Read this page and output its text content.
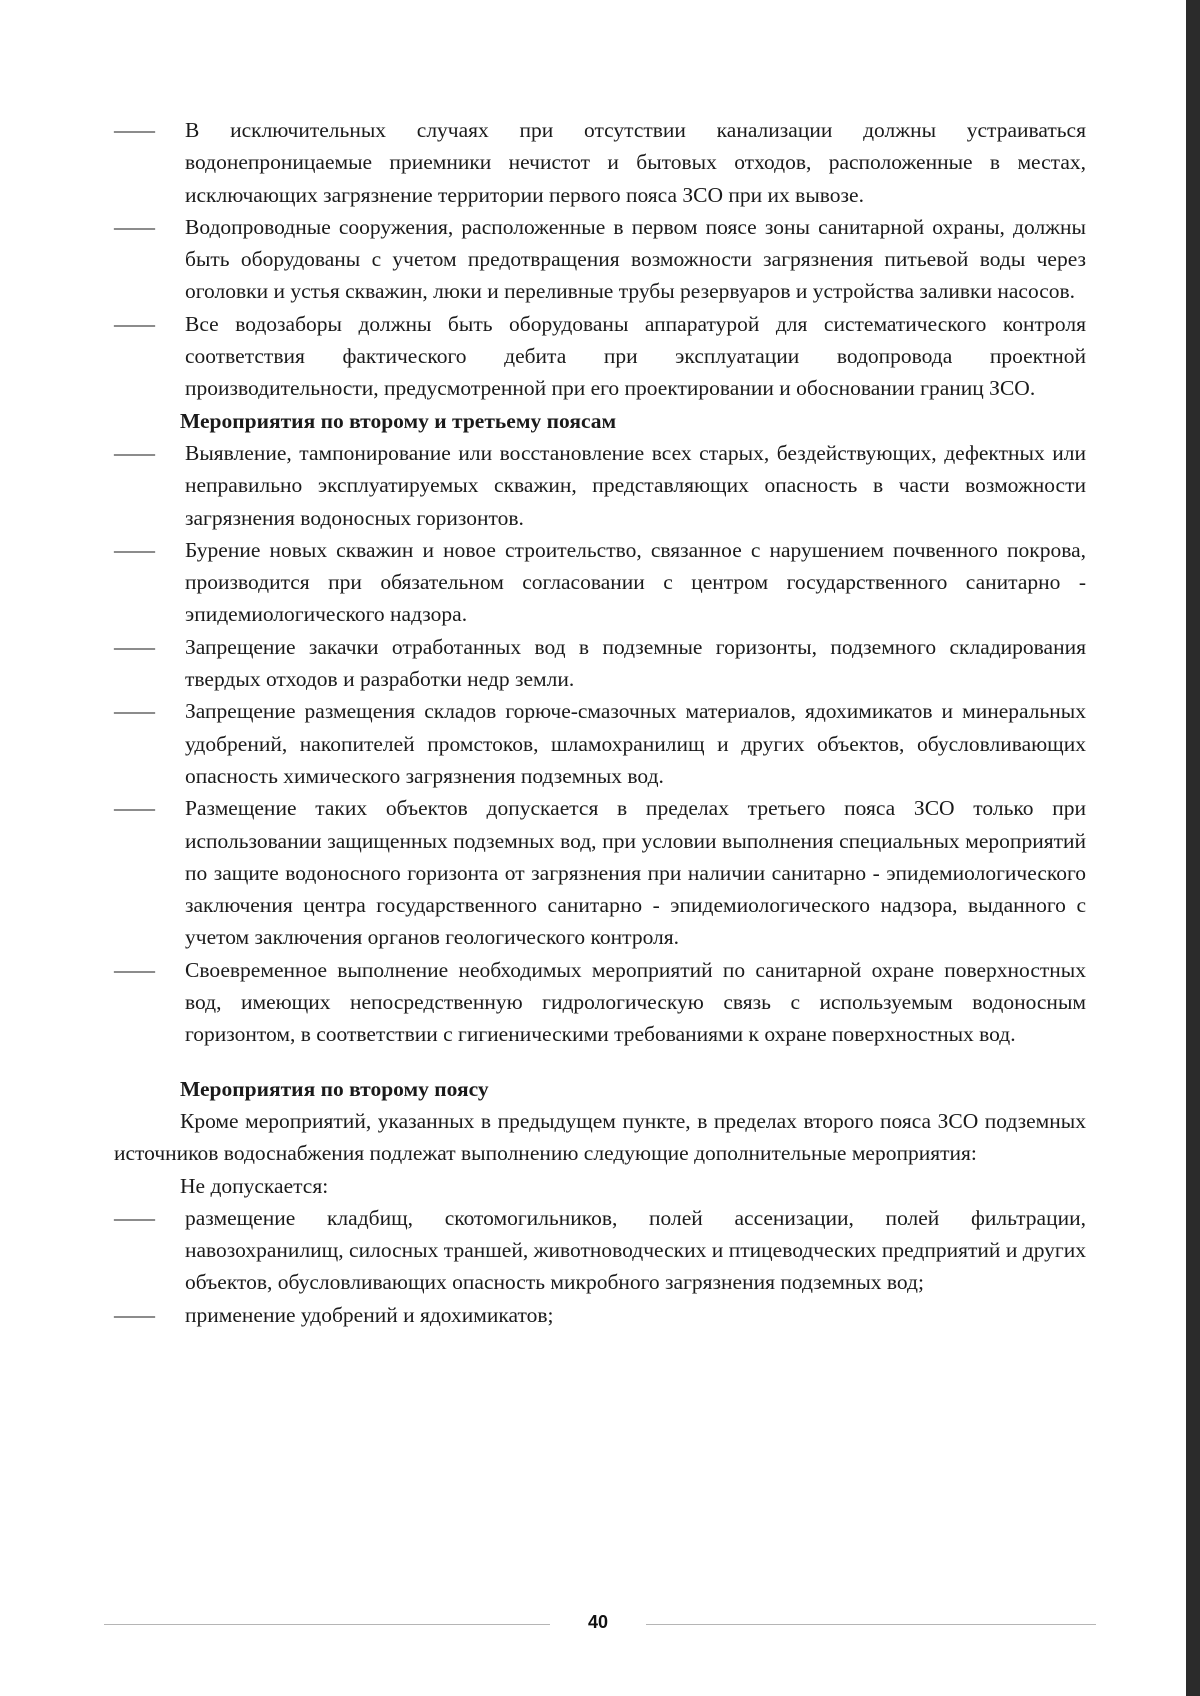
—— В исключительных случаях при отсутствии канализации должны устраиваться водонепроницаемые приемники нечистот и бытовых отходов, расположенные в местах, исключающих загрязнение территории первого пояса ЗСО при их вывозе.
—— Водопроводные сооружения, расположенные в первом поясе зоны санитарной охраны, должны быть оборудованы с учетом предотвращения возможности загрязнения питьевой воды через оголовки и устья скважин, люки и переливные трубы резервуаров и устройства заливки насосов.
—— Все водозаборы должны быть оборудованы аппаратурой для систематического контроля соответствия фактического дебита при эксплуатации водопровода проектной производительности, предусмотренной при его проектировании и обосновании границ ЗСО.
Мероприятия по второму и третьему поясам
—— Выявление, тампонирование или восстановление всех старых, бездействующих, дефектных или неправильно эксплуатируемых скважин, представляющих опасность в части возможности загрязнения водоносных горизонтов.
—— Бурение новых скважин и новое строительство, связанное с нарушением почвенного покрова, производится при обязательном согласовании с центром государственного санитарно - эпидемиологического надзора.
—— Запрещение закачки отработанных вод в подземные горизонты, подземного складирования твердых отходов и разработки недр земли.
—— Запрещение размещения складов горюче-смазочных материалов, ядохимикатов и минеральных удобрений, накопителей промстоков, шламохранилищ и других объектов, обусловливающих опасность химического загрязнения подземных вод.
—— Размещение таких объектов допускается в пределах третьего пояса ЗСО только при использовании защищенных подземных вод, при условии выполнения специальных мероприятий по защите водоносного горизонта от загрязнения при наличии санитарно - эпидемиологического заключения центра государственного санитарно - эпидемиологического надзора, выданного с учетом заключения органов геологического контроля.
—— Своевременное выполнение необходимых мероприятий по санитарной охране поверхностных вод, имеющих непосредственную гидрологическую связь с используемым водоносным горизонтом, в соответствии с гигиеническими требованиями к охране поверхностных вод.
Мероприятия по второму поясу
Кроме мероприятий, указанных в предыдущем пункте, в пределах второго пояса ЗСО подземных источников водоснабжения подлежат выполнению следующие дополнительные мероприятия:
Не допускается:
—— размещение кладбищ, скотомогильников, полей ассенизации, полей фильтрации, навозохранилищ, силосных траншей, животноводческих и птицеводческих предприятий и других объектов, обусловливающих опасность микробного загрязнения подземных вод;
—— применение удобрений и ядохимикатов;
40
